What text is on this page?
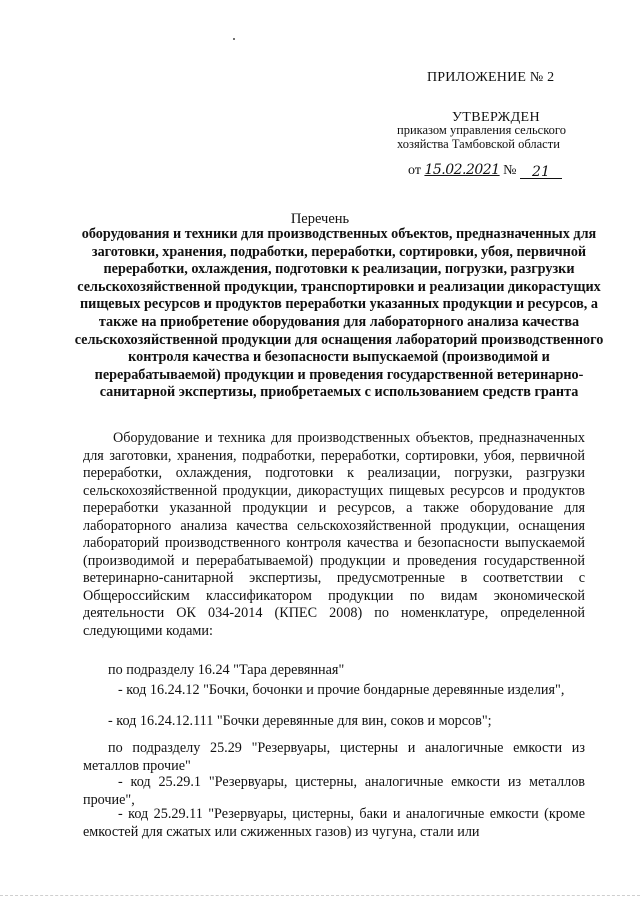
ПРИЛОЖЕНИЕ № 2
УТВЕРЖДЕН
приказом управления сельского
хозяйства Тамбовской области
от 15.02.2021 № 21
Перечень
оборудования и техники для производственных объектов, предназначенных для заготовки, хранения, подработки, переработки, сортировки, убоя, первичной переработки, охлаждения, подготовки к реализации, погрузки, разгрузки сельскохозяйственной продукции, транспортировки и реализации дикорастущих пищевых ресурсов и продуктов переработки указанных продукции и ресурсов, а также на приобретение оборудования для лабораторного анализа качества сельскохозяйственной продукции для оснащения лабораторий производственного контроля качества и безопасности выпускаемой (производимой и перерабатываемой) продукции и проведения государственной ветеринарно-санитарной экспертизы, приобретаемых с использованием средств гранта
Оборудование и техника для производственных объектов, предназначенных для заготовки, хранения, подработки, переработки, сортировки, убоя, первичной переработки, охлаждения, подготовки к реализации, погрузки, разгрузки сельскохозяйственной продукции, дикорастущих пищевых ресурсов и продуктов переработки указанной продукции и ресурсов, а также оборудование для лабораторного анализа качества сельскохозяйственной продукции, оснащения лабораторий производственного контроля качества и безопасности выпускаемой (производимой и перерабатываемой) продукции и проведения государственной ветеринарно-санитарной экспертизы, предусмотренные в соответствии с Общероссийским классификатором продукции по видам экономической деятельности ОК 034-2014 (КПЕС 2008) по номенклатуре, определенной следующими кодами:
по подразделу 16.24 "Тара деревянная"
- код 16.24.12 "Бочки, бочонки и прочие бондарные деревянные изделия",
- код 16.24.12.111 "Бочки деревянные для вин, соков и морсов";
по подразделу 25.29 "Резервуары, цистерны и аналогичные емкости из металлов прочие"
- код 25.29.1 "Резервуары, цистерны, аналогичные емкости из металлов прочие",
- код 25.29.11 "Резервуары, цистерны, баки и аналогичные емкости (кроме емкостей для сжатых или сжиженных газов) из чугуна, стали или
